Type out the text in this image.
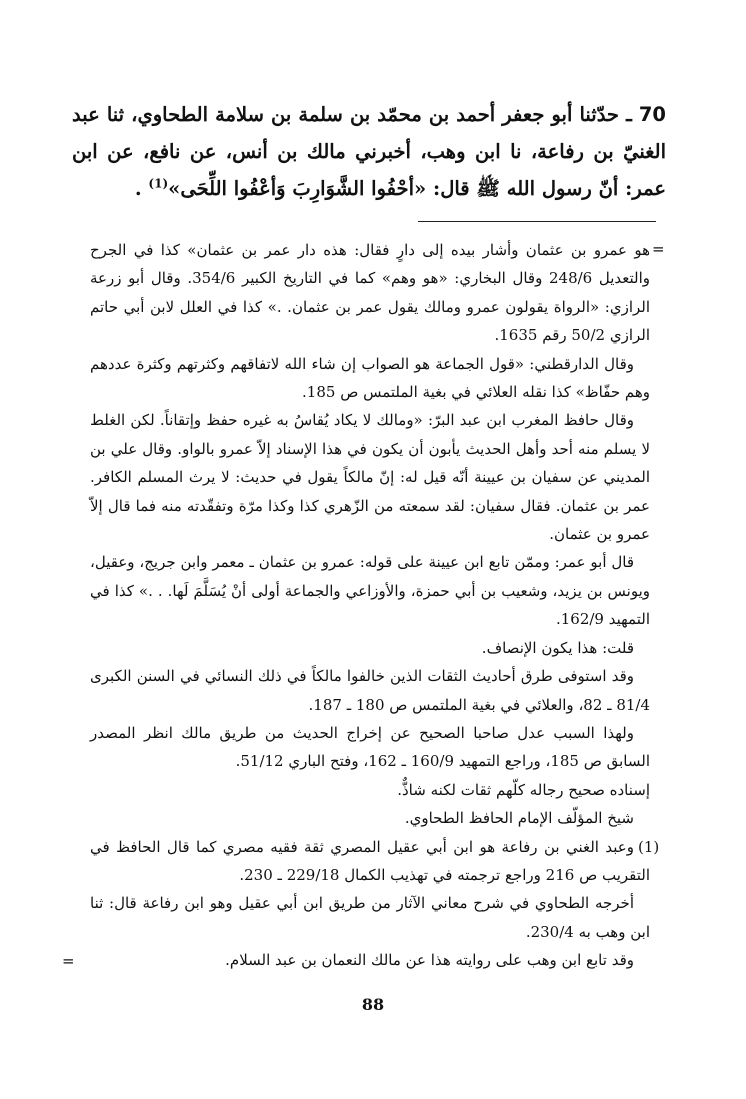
70 ـ حدّثنا أبو جعفر أحمد بن محمّد بن سلمة بن سلامة الطحاوي، ثنا عبد الغنيّ بن رفاعة، نا ابن وهب، أخبرني مالك بن أنس، عن نافع، عن ابن عمر: أنّ رسول الله ﷺ قال: «أحْفُوا الشَّوَارِبَ وَأعْفُوا اللِّحَى»$^{(1)}$ .
=
(1)
=

هو عمرو بن عثمان وأشار بيده إلى دارٍ فقال: هذه دار عمر بن عثمان» كذا في الجرح والتعديل 248/6 وقال البخاري: «هو وهم» كما في التاريخ الكبير 354/6. وقال أبو زرعة الرازي: «الرواة يقولون عمرو ومالك يقول عمر بن عثمان. .» كذا في العلل لابن أبي حاتم الرازي 50/2 رقم 1635.

وقال الدارقطني: «قول الجماعة هو الصواب إن شاء الله لاتفاقهم وكثرتهم وكثرة عددهم وهم حفّاظ» كذا نقله العلائي في بغية الملتمس ص 185.

وقال حافظ المغرب ابن عبد البرّ: «ومالك لا يكاد يُقاسُ به غيره حفظ وإتقاناً. لكن الغلط لا يسلم منه أحد وأهل الحديث يأبون أن يكون في هذا الإسناد إلاّ عمرو بالواو. وقال علي بن المديني عن سفيان بن عيينة أنّه قيل له: إنّ مالكاً يقول في حديث: لا يرث المسلم الكافر. عمر بن عثمان. فقال سفيان: لقد سمعته من الزّهري كذا وكذا مرّة وتفقّدته منه فما قال إلاّ عمرو بن عثمان.

قال أبو عمر: وممّن تابع ابن عيينة على قوله: عمرو بن عثمان ـ معمر وابن جريج، وعقيل، ويونس بن يزيد، وشعيب بن أبي حمزة، والأوزاعي والجماعة أولى أنْ يُسَلَّمَ لَها. . .» كذا في التمهيد 162/9.

قلت: هذا يكون الإنصاف.

وقد استوفى طرق أحاديث الثقات الذين خالفوا مالكاً في ذلك النسائي في السنن الكبرى 81/4 ـ 82، والعلائي في بغية الملتمس ص 180 ـ 187.

ولهذا السبب عدل صاحبا الصحيح عن إخراج الحديث من طريق مالك انظر المصدر السابق ص 185، وراجع التمهيد 160/9 ـ 162، وفتح الباري 51/12.

إسناده صحيح رجاله كلّهم ثقات لكنه شاذٌّ.

شيخ المؤلّف الإمام الحافظ الطحاوي.

وعبد الغني بن رفاعة هو ابن أبي عقيل المصري ثقة فقيه مصري كما قال الحافظ في التقريب ص 216 وراجع ترجمته في تهذيب الكمال 229/18 ـ 230.

أخرجه الطحاوي في شرح معاني الآثار من طريق ابن أبي عقيل وهو ابن رفاعة قال: ثنا ابن وهب به 230/4.

وقد تابع ابن وهب على روايته هذا عن مالك النعمان بن عبد السلام.

88
